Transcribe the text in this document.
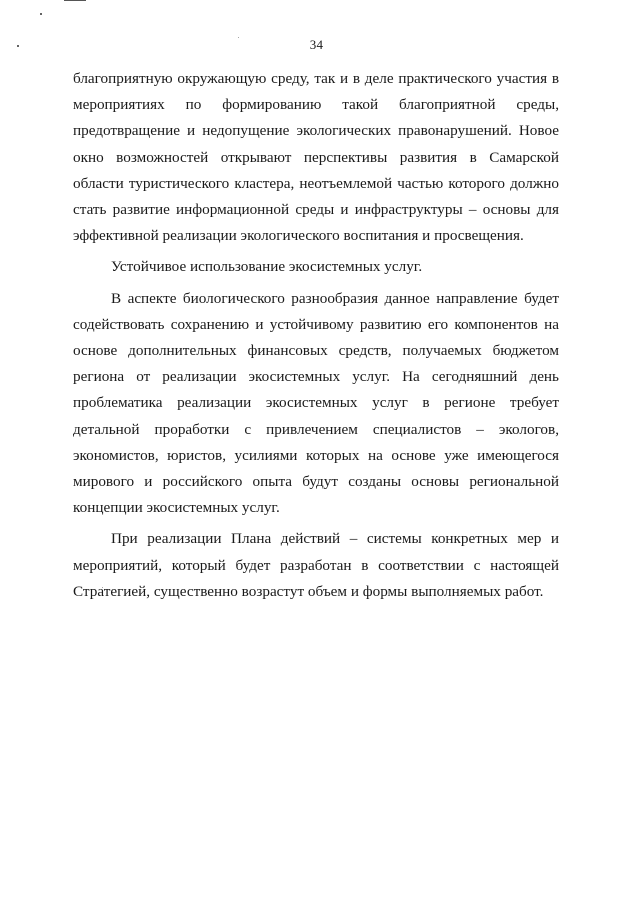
34

благоприятную окружающую среду, так и в деле практического участия в мероприятиях по формированию такой благоприятной среды, предотвращение и недопущение экологических правонарушений. Новое окно возможностей открывают перспективы развития в Самарской области туристического кластера, неотъемлемой частью которого должно стать развитие информационной среды и инфраструктуры – основы для эффективной реализации экологического воспитания и просвещения.

Устойчивое использование экосистемных услуг.

В аспекте биологического разнообразия данное направление будет содействовать сохранению и устойчивому развитию его компонентов на основе дополнительных финансовых средств, получаемых бюджетом региона от реализации экосистемных услуг. На сегодняшний день проблематика реализации экосистемных услуг в регионе требует детальной проработки с привлечением специалистов – экологов, экономистов, юристов, усилиями которых на основе уже имеющегося мирового и российского опыта будут созданы основы региональной концепции экосистемных услуг.

При реализации Плана действий – системы конкретных мер и мероприятий, который будет разработан в соответствии с настоящей Стратегией, существенно возрастут объем и формы выполняемых работ.
